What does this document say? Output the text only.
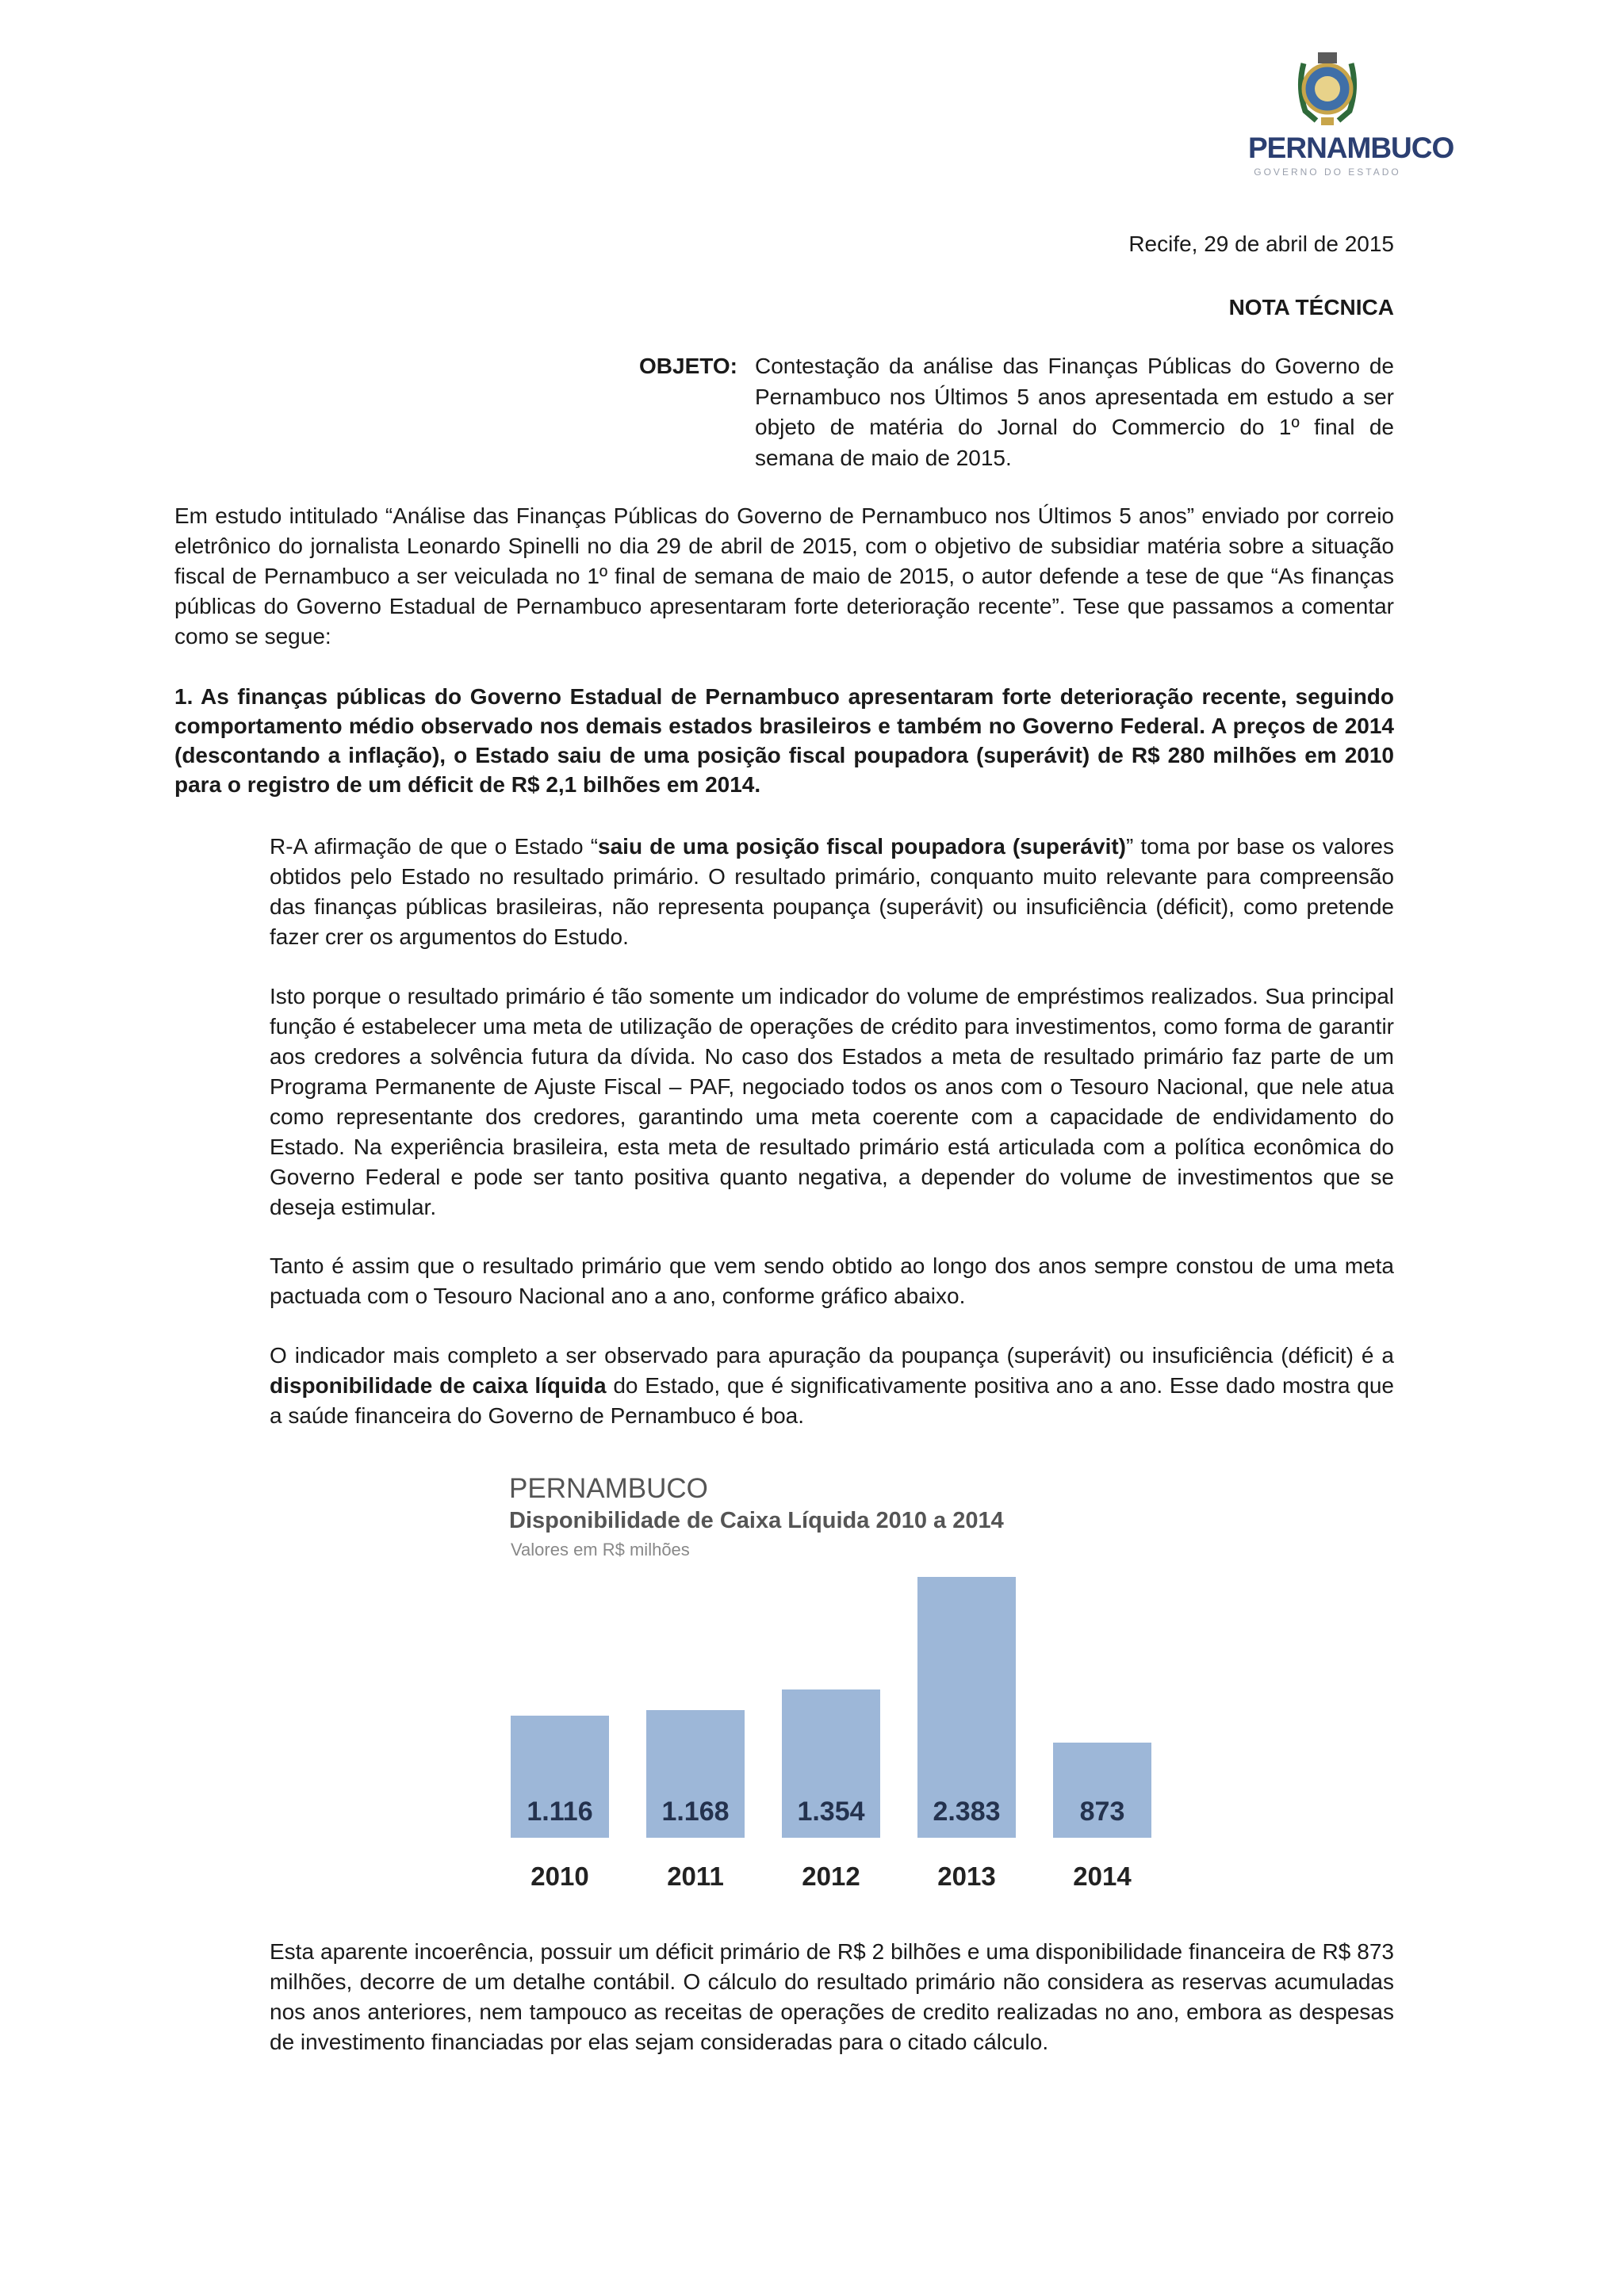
PERNAMBUCO
GOVERNO DO ESTADO
Recife, 29 de abril de 2015
NOTA TÉCNICA
OBJETO: Contestação da análise das Finanças Públicas do Governo de Pernambuco nos Últimos 5 anos apresentada em estudo a ser objeto de matéria do Jornal do Commercio do 1º final de semana de maio de 2015.
Em estudo intitulado “Análise das Finanças Públicas do Governo de Pernambuco nos Últimos 5 anos” enviado por correio eletrônico do jornalista Leonardo Spinelli no dia 29 de abril de 2015, com o objetivo de subsidiar matéria sobre a situação fiscal de Pernambuco a ser veiculada no 1º final de semana de maio de 2015, o autor defende a tese de que “As finanças públicas do Governo Estadual de Pernambuco apresentaram forte deterioração recente”. Tese que passamos a comentar como se segue:
1. As finanças públicas do Governo Estadual de Pernambuco apresentaram forte deterioração recente, seguindo comportamento médio observado nos demais estados brasileiros e também no Governo Federal. A preços de 2014 (descontando a inflação), o Estado saiu de uma posição fiscal poupadora (superávit) de R$ 280 milhões em 2010 para o registro de um déficit de R$ 2,1 bilhões em 2014.
R-A afirmação de que o Estado “saiu de uma posição fiscal poupadora (superávit)” toma por base os valores obtidos pelo Estado no resultado primário. O resultado primário, conquanto muito relevante para compreensão das finanças públicas brasileiras, não representa poupança (superávit) ou insuficiência (déficit), como pretende fazer crer os argumentos do Estudo.
Isto porque o resultado primário é tão somente um indicador do volume de empréstimos realizados. Sua principal função é estabelecer uma meta de utilização de operações de crédito para investimentos, como forma de garantir aos credores a solvência futura da dívida. No caso dos Estados a meta de resultado primário faz parte de um Programa Permanente de Ajuste Fiscal – PAF, negociado todos os anos com o Tesouro Nacional, que nele atua como representante dos credores, garantindo uma meta coerente com a capacidade de endividamento do Estado. Na experiência brasileira, esta meta de resultado primário está articulada com a política econômica do Governo Federal e pode ser tanto positiva quanto negativa, a depender do volume de investimentos que se deseja estimular.
Tanto é assim que o resultado primário que vem sendo obtido ao longo dos anos sempre constou de uma meta pactuada com o Tesouro Nacional ano a ano, conforme gráfico abaixo.
O indicador mais completo a ser observado para apuração da poupança (superávit) ou insuficiência (déficit) é a disponibilidade de caixa líquida do Estado, que é significativamente positiva ano a ano. Esse dado mostra que a saúde financeira do Governo de Pernambuco é boa.
PERNAMBUCO
Disponibilidade de Caixa Líquida 2010 a 2014
Valores em R$ milhões
1.116
2010
1.168
2011
1.354
2012
2.383
2013
873
2014
Esta aparente incoerência, possuir um déficit primário de R$ 2 bilhões e uma disponibilidade financeira de R$ 873 milhões, decorre de um detalhe contábil. O cálculo do resultado primário não considera as reservas acumuladas nos anos anteriores, nem tampouco as receitas de operações de credito realizadas no ano, embora as despesas de investimento financiadas por elas sejam consideradas para o citado cálculo.
